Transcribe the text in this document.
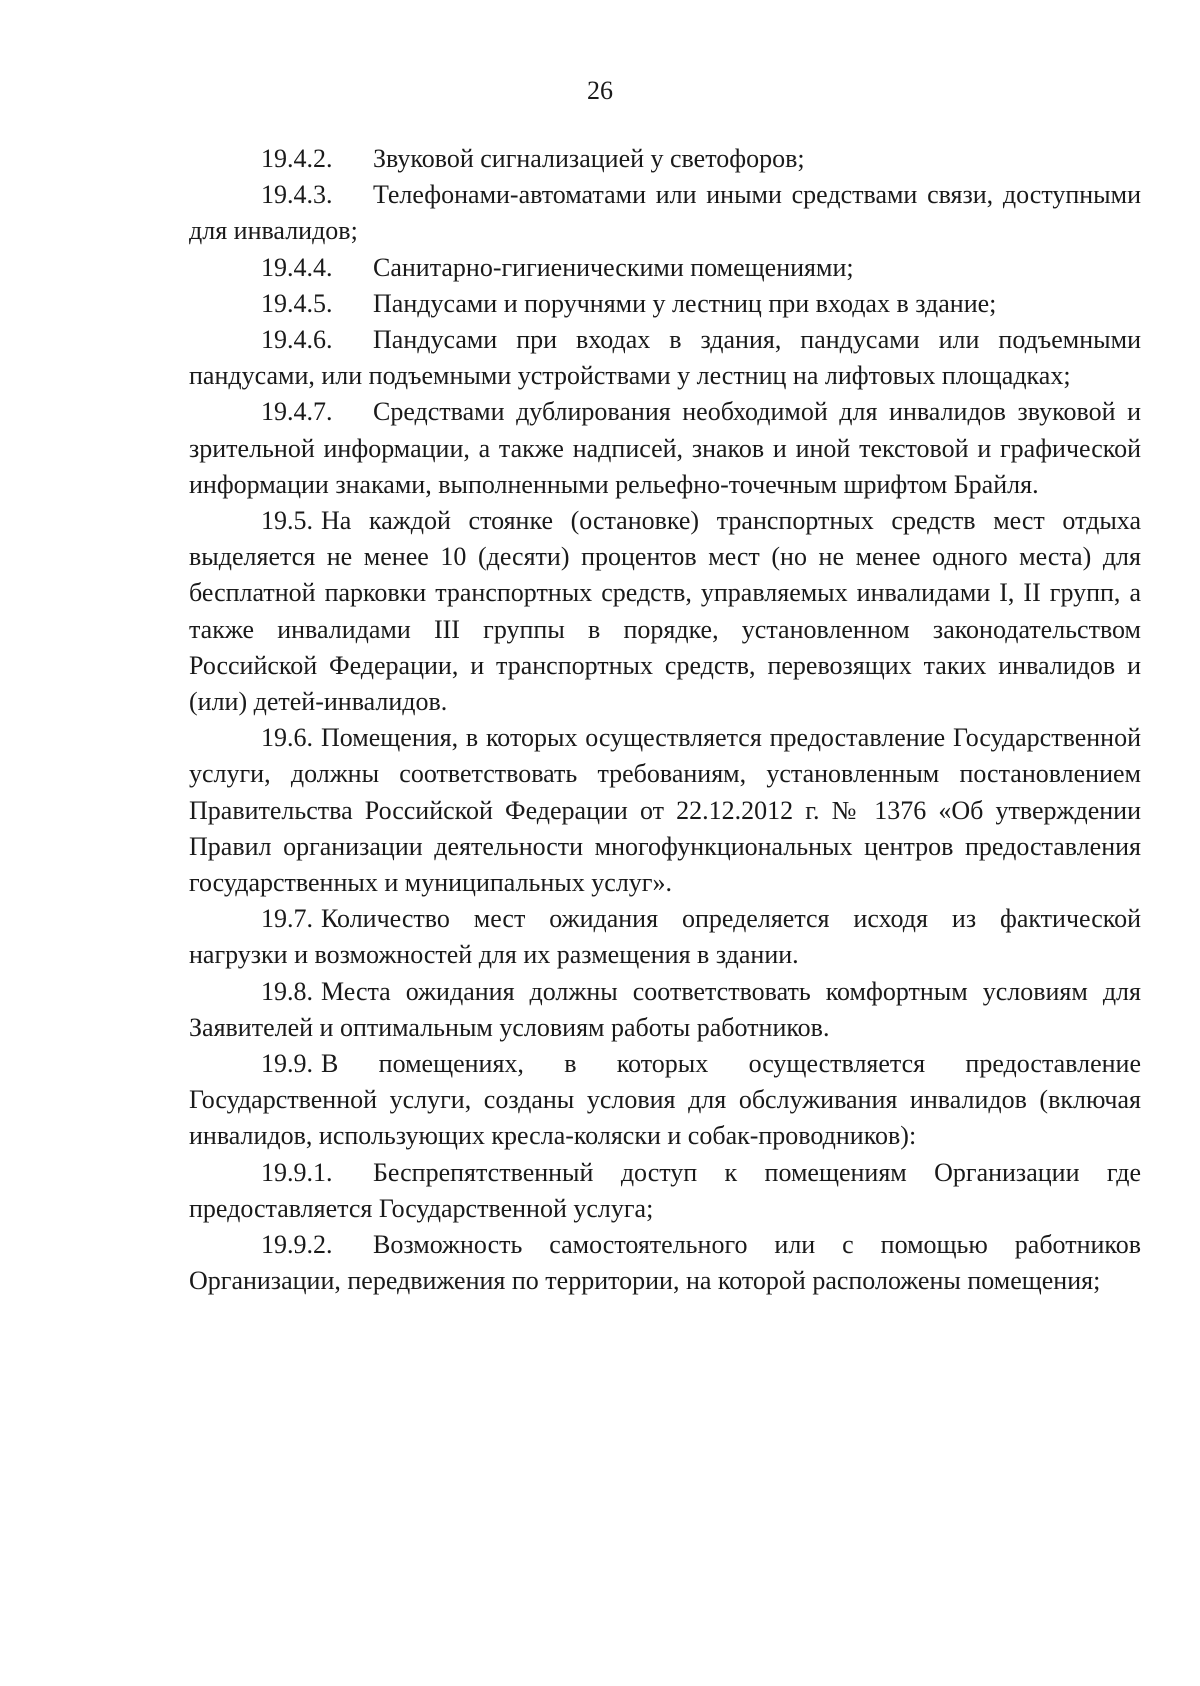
26

19.4.2. Звуковой сигнализацией у светофоров;

19.4.3. Телефонами-автоматами или иными средствами связи, доступными для инвалидов;

19.4.4. Санитарно-гигиеническими помещениями;

19.4.5. Пандусами и поручнями у лестниц при входах в здание;

19.4.6. Пандусами при входах в здания, пандусами или подъемными пандусами, или подъемными устройствами у лестниц на лифтовых площадках;

19.4.7. Средствами дублирования необходимой для инвалидов звуковой и зрительной информации, а также надписей, знаков и иной текстовой и графической информации знаками, выполненными рельефно-точечным шрифтом Брайля.

19.5. На каждой стоянке (остановке) транспортных средств мест отдыха выделяется не менее 10 (десяти) процентов мест (но не менее одного места) для бесплатной парковки транспортных средств, управляемых инвалидами I, II групп, а также инвалидами III группы в порядке, установленном законодательством Российской Федерации, и транспортных средств, перевозящих таких инвалидов и (или) детей-инвалидов.

19.6. Помещения, в которых осуществляется предоставление Государственной услуги, должны соответствовать требованиям, установленным постановлением Правительства Российской Федерации от 22.12.2012 г. № 1376 «Об утверждении Правил организации деятельности многофункциональных центров предоставления государственных и муниципальных услуг».

19.7. Количество мест ожидания определяется исходя из фактической нагрузки и возможностей для их размещения в здании.

19.8. Места ожидания должны соответствовать комфортным условиям для Заявителей и оптимальным условиям работы работников.

19.9. В помещениях, в которых осуществляется предоставление Государственной услуги, созданы условия для обслуживания инвалидов (включая инвалидов, использующих кресла-коляски и собак-проводников):

19.9.1. Беспрепятственный доступ к помещениям Организации где предоставляется Государственной услуга;

19.9.2. Возможность самостоятельного или с помощью работников Организации, передвижения по территории, на которой расположены помещения;
